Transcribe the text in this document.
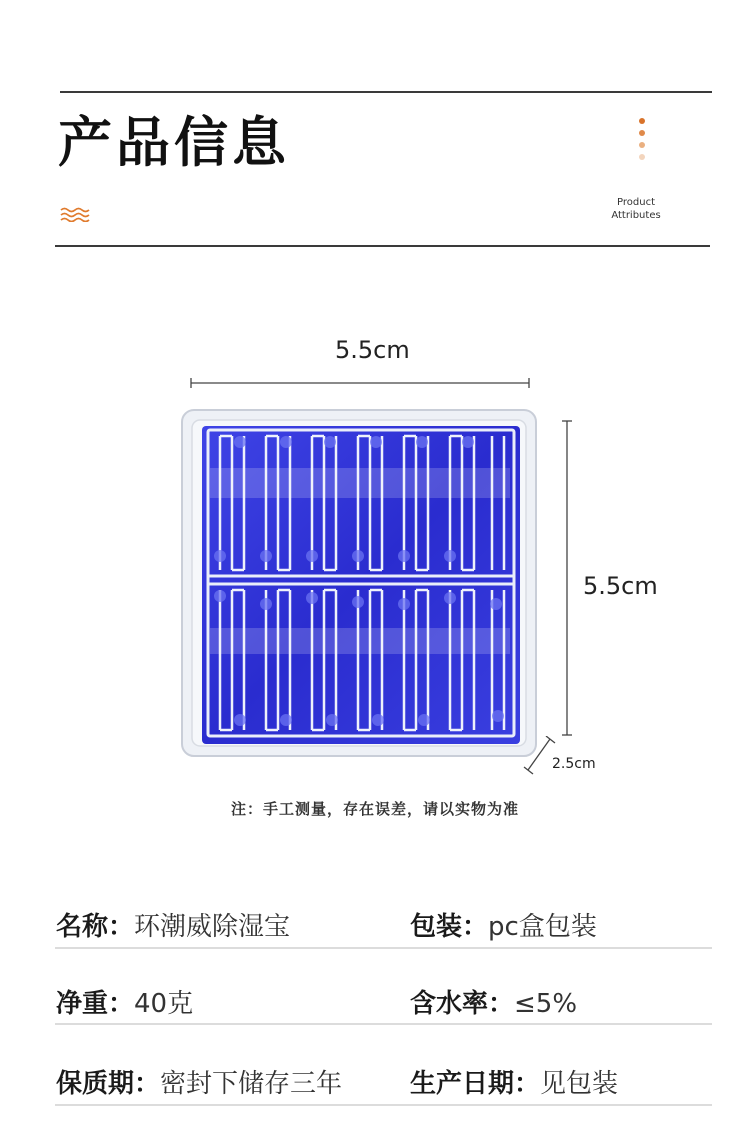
产品信息
Product
Attributes
5.5cm
5.5cm
2.5cm
注：手工测量，存在误差，请以实物为准
名称：环潮威除湿宝	包装：pc盒包装
净重：40克	含水率：≤5%
保质期：密封下储存三年	生产日期：见包装
